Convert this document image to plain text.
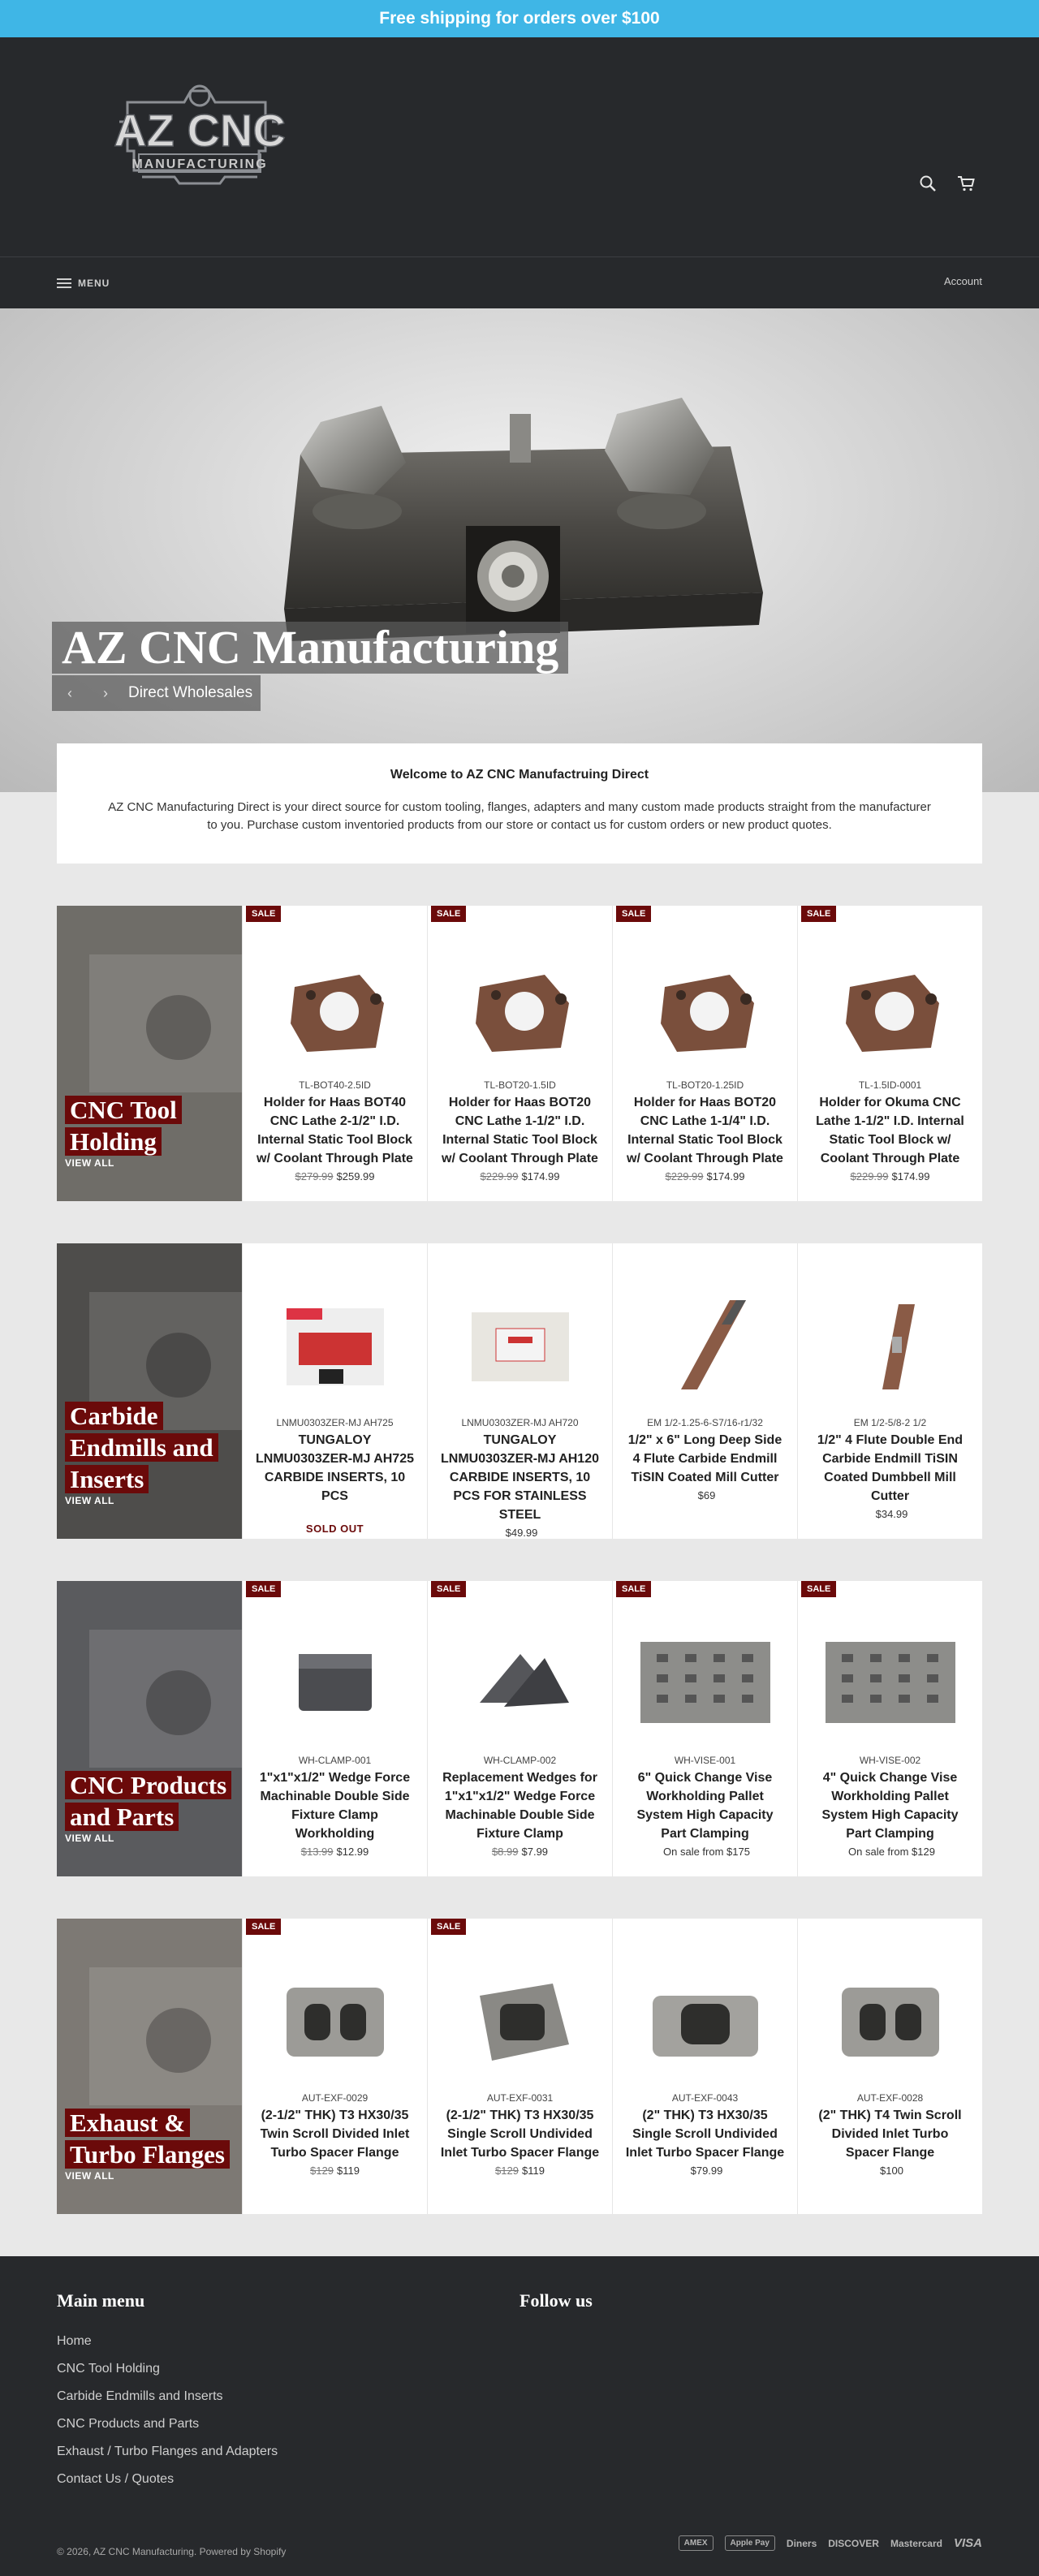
Free shipping for orders over $100
AZ CNC
MANUFACTURING
MENU	Account
AZ CNC Manufacturing
‹	›	Direct Wholesales
Welcome to AZ CNC Manufactruing Direct

AZ CNC Manufacturing Direct is your direct source for custom tooling, flanges, adapters and many custom made products straight from the manufacturer to you. Purchase custom inventoried products from our store or contact us for custom orders or new product quotes.

CNC Tool Holding
VIEW ALL
SALE
TL-BOT40-2.5ID
Holder for Haas BOT40 CNC Lathe 2-1/2" I.D. Internal Static Tool Block w/ Coolant Through Plate
$279.99 $259.99
SALE
TL-BOT20-1.5ID
Holder for Haas BOT20 CNC Lathe 1-1/2" I.D. Internal Static Tool Block w/ Coolant Through Plate
$229.99 $174.99
SALE
TL-BOT20-1.25ID
Holder for Haas BOT20 CNC Lathe 1-1/4" I.D. Internal Static Tool Block w/ Coolant Through Plate
$229.99 $174.99
SALE
TL-1.5ID-0001
Holder for Okuma CNC Lathe 1-1/2" I.D. Internal Static Tool Block w/ Coolant Through Plate
$229.99 $174.99
Carbide Endmills and Inserts
VIEW ALL
LNMU0303ZER-MJ AH725
TUNGALOY LNMU0303ZER-MJ AH725 CARBIDE INSERTS, 10 PCS
SOLD OUT
LNMU0303ZER-MJ AH720
TUNGALOY LNMU0303ZER-MJ AH120 CARBIDE INSERTS, 10 PCS FOR STAINLESS STEEL
$49.99
EM 1/2-1.25-6-S7/16-r1/32
1/2" x 6" Long Deep Side 4 Flute Carbide Endmill TiSIN Coated Mill Cutter
$69
EM 1/2-5/8-2 1/2
1/2" 4 Flute Double End Carbide Endmill TiSIN Coated Dumbbell Mill Cutter
$34.99
CNC Products and Parts
VIEW ALL
SALE
WH-CLAMP-001
1"x1"x1/2" Wedge Force Machinable Double Side Fixture Clamp Workholding
$13.99 $12.99
SALE
WH-CLAMP-002
Replacement Wedges for 1"x1"x1/2" Wedge Force Machinable Double Side Fixture Clamp
$8.99 $7.99
SALE
WH-VISE-001
6" Quick Change Vise Workholding Pallet System High Capacity Part Clamping
On sale from $175
SALE
WH-VISE-002
4" Quick Change Vise Workholding Pallet System High Capacity Part Clamping
On sale from $129
Exhaust & Turbo Flanges
VIEW ALL
SALE
AUT-EXF-0029
(2-1/2" THK) T3 HX30/35 Twin Scroll Divided Inlet Turbo Spacer Flange
$129 $119
SALE
AUT-EXF-0031
(2-1/2" THK) T3 HX30/35 Single Scroll Undivided Inlet Turbo Spacer Flange
$129 $119
AUT-EXF-0043
(2" THK) T3 HX30/35 Single Scroll Undivided Inlet Turbo Spacer Flange
$79.99
AUT-EXF-0028
(2" THK) T4 Twin Scroll Divided Inlet Turbo Spacer Flange
$100
Main menu	Follow us
Home
CNC Tool Holding
Carbide Endmills and Inserts
CNC Products and Parts
Exhaust / Turbo Flanges and Adapters
Contact Us / Quotes
© 2026, AZ CNC Manufacturing. Powered by Shopify
AMEX	Apple Pay	Diners DISCOVER Mastercard VISA
